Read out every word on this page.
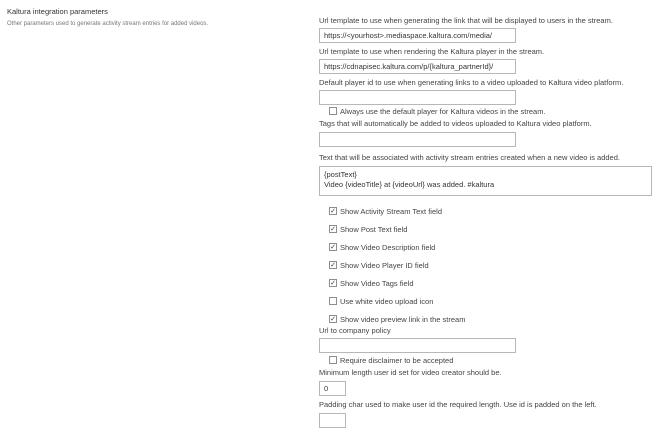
Kaltura integration parameters
Other parameters used to generate activity stream entries for added videos.	Url template to use when generating the link that will be displayed to users in the stream.
https://<yourhost>.mediaspace.kaltura.com/media/
Url template to use when rendering the Kaltura player in the stream.
https://cdnapisec.kaltura.com/p/{kaltura_partnerId}/
Default player id to use when generating links to a video uploaded to Kaltura video platform.
Always use the default player for Kaltura videos in the stream.
Tags that will automatically be added to videos uploaded to Kaltura video platform.
Text that will be associated with activity stream entries created when a new video is added.
{postText}
Video {videoTitle} at {videoUrl} was added. #kaltura
✓ Show Activity Stream Text field
✓ Show Post Text field
✓ Show Video Description field
✓ Show Video Player ID field
✓ Show Video Tags field
Use white video upload icon
✓ Show video preview link in the stream
Url to company policy
Require disclaimer to be accepted
Minimum length user id set for video creator should be.
0
Padding char used to make user id the required length. Use id is padded on the left.
